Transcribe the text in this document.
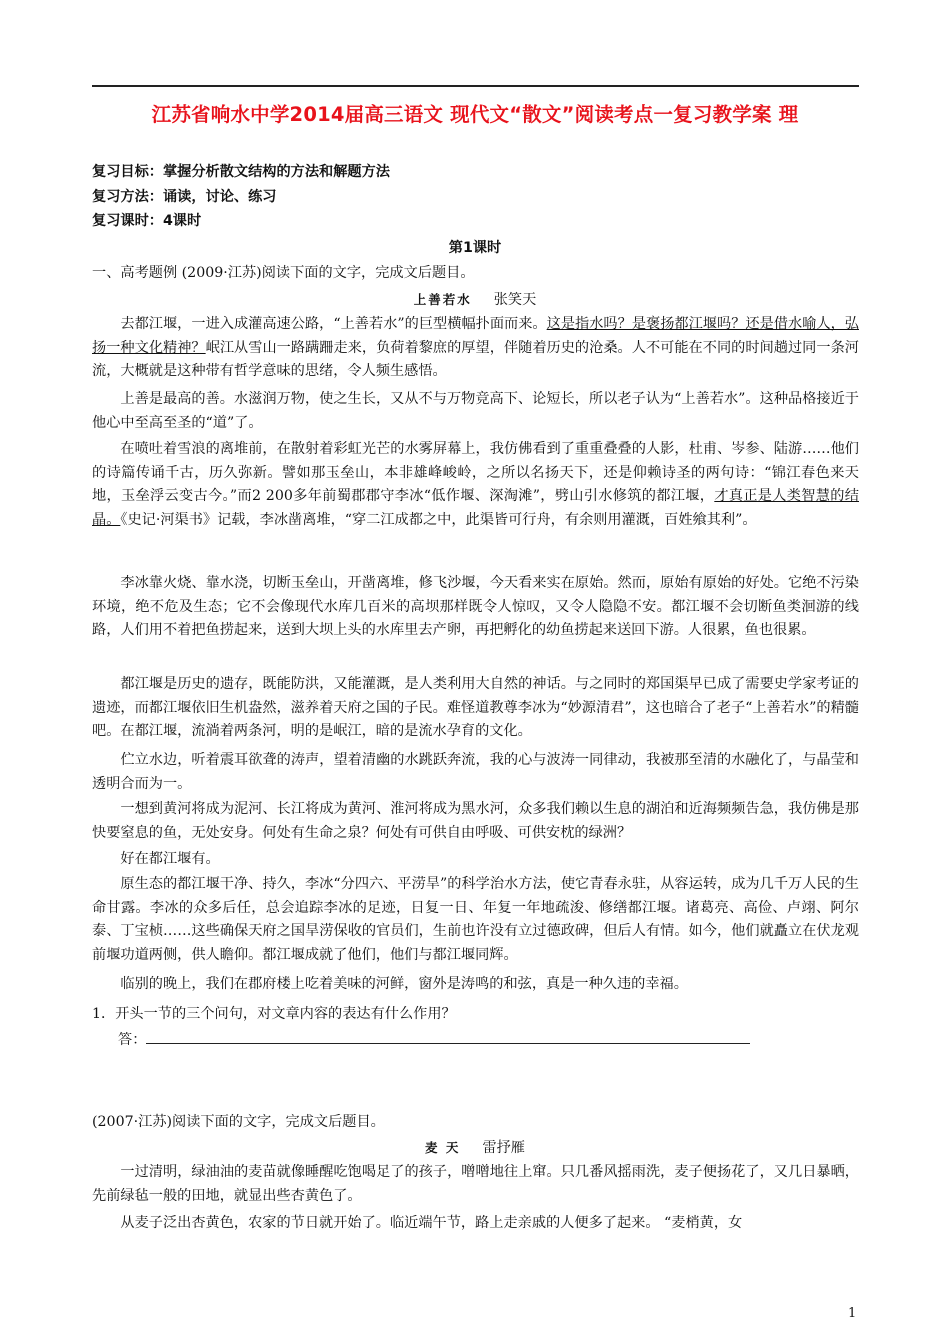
江苏省响水中学2014届高三语文 现代文“散文”阅读考点一复习教学案 理
复习目标：掌握分析散文结构的方法和解题方法
复习方法：诵读，讨论、练习
复习课时：4课时
第1课时
一、高考题例 (2009·江苏)阅读下面的文字，完成文后题目。
上善若水 张笑天
去都江堰，一进入成灌高速公路，“上善若水”的巨型横幅扑面而来。这是指水吗？是褒扬都江堰吗？还是借水喻人，弘扬一种文化精神？岷江从雪山一路蹒跚走来，负荷着黎庶的厚望，伴随着历史的沧桑。人不可能在不同的时间趟过同一条河流，大概就是这种带有哲学意味的思绪，令人频生感悟。
上善是最高的善。水滋润万物，使之生长，又从不与万物竞高下、论短长，所以老子认为“上善若水”。这种品格接近于他心中至高至圣的“道”了。
在喷吐着雪浪的离堆前，在散射着彩虹光芒的水雾屏幕上，我仿佛看到了重重叠叠的人影，杜甫、岑参、陆游……他们的诗篇传诵千古，历久弥新。譬如那玉垒山，本非雄峰峻岭，之所以名扬天下，还是仰赖诗圣的两句诗：“锦江春色来天地，玉垒浮云变古今。”而2 200多年前蜀郡郡守李冰“低作堰、深淘滩”，劈山引水修筑的都江堰，才真正是人类智慧的结晶。《史记·河渠书》记载，李冰凿离堆，“穿二江成都之中，此渠皆可行舟，有余则用灌溉，百姓飨其利”。
李冰靠火烧、靠水浇，切断玉垒山，开凿离堆，修飞沙堰，今天看来实在原始。然而，原始有原始的好处。它绝不污染环境，绝不危及生态；它不会像现代水库几百米的高坝那样既令人惊叹，又令人隐隐不安。都江堰不会切断鱼类洄游的线路，人们用不着把鱼捞起来，送到大坝上头的水库里去产卵，再把孵化的幼鱼捞起来送回下游。人很累，鱼也很累。
都江堰是历史的遗存，既能防洪，又能灌溉，是人类利用大自然的神话。与之同时的郑国渠早已成了需要史学家考证的遗迹，而都江堰依旧生机盎然，滋养着天府之国的子民。难怪道教尊李冰为“妙源清君”，这也暗合了老子“上善若水”的精髓吧。在都江堰，流淌着两条河，明的是岷江，暗的是流水孕育的文化。
伫立水边，听着震耳欲聋的涛声，望着清幽的水跳跃奔流，我的心与波涛一同律动，我被那至清的水融化了，与晶莹和透明合而为一。
一想到黄河将成为泥河、长江将成为黄河、淮河将成为黑水河，众多我们赖以生息的湖泊和近海频频告急，我仿佛是那快要窒息的鱼，无处安身。何处有生命之泉？何处有可供自由呼吸、可供安枕的绿洲？
好在都江堰有。
原生态的都江堰干净、持久，李冰“分四六、平涝旱”的科学治水方法，使它青春永驻，从容运转，成为几千万人民的生命甘露。李冰的众多后任，总会追踪李冰的足迹，日复一日、年复一年地疏浚、修缮都江堰。诸葛亮、高俭、卢翊、阿尔泰、丁宝桢……这些确保天府之国旱涝保收的官员们，生前也许没有立过德政碑，但后人有情。如今，他们就矗立在伏龙观前堰功道两侧，供人瞻仰。都江堰成就了他们，他们与都江堰同辉。
临别的晚上，我们在郡府楼上吃着美味的河鲜，窗外是涛鸣的和弦，真是一种久违的幸福。
1．开头一节的三个问句，对文章内容的表达有什么作用？
答：
(2007·江苏)阅读下面的文字，完成文后题目。
麦 天 雷抒雁
一过清明，绿油油的麦苗就像睡醒吃饱喝足了的孩子，噌噌地往上窜。只几番风摇雨洗，麦子便扬花了，又几日暴晒，先前绿毡一般的田地，就显出些杏黄色了。
从麦子泛出杏黄色，农家的节日就开始了。临近端午节，路上走亲戚的人便多了起来。 “麦梢黄，女
1
